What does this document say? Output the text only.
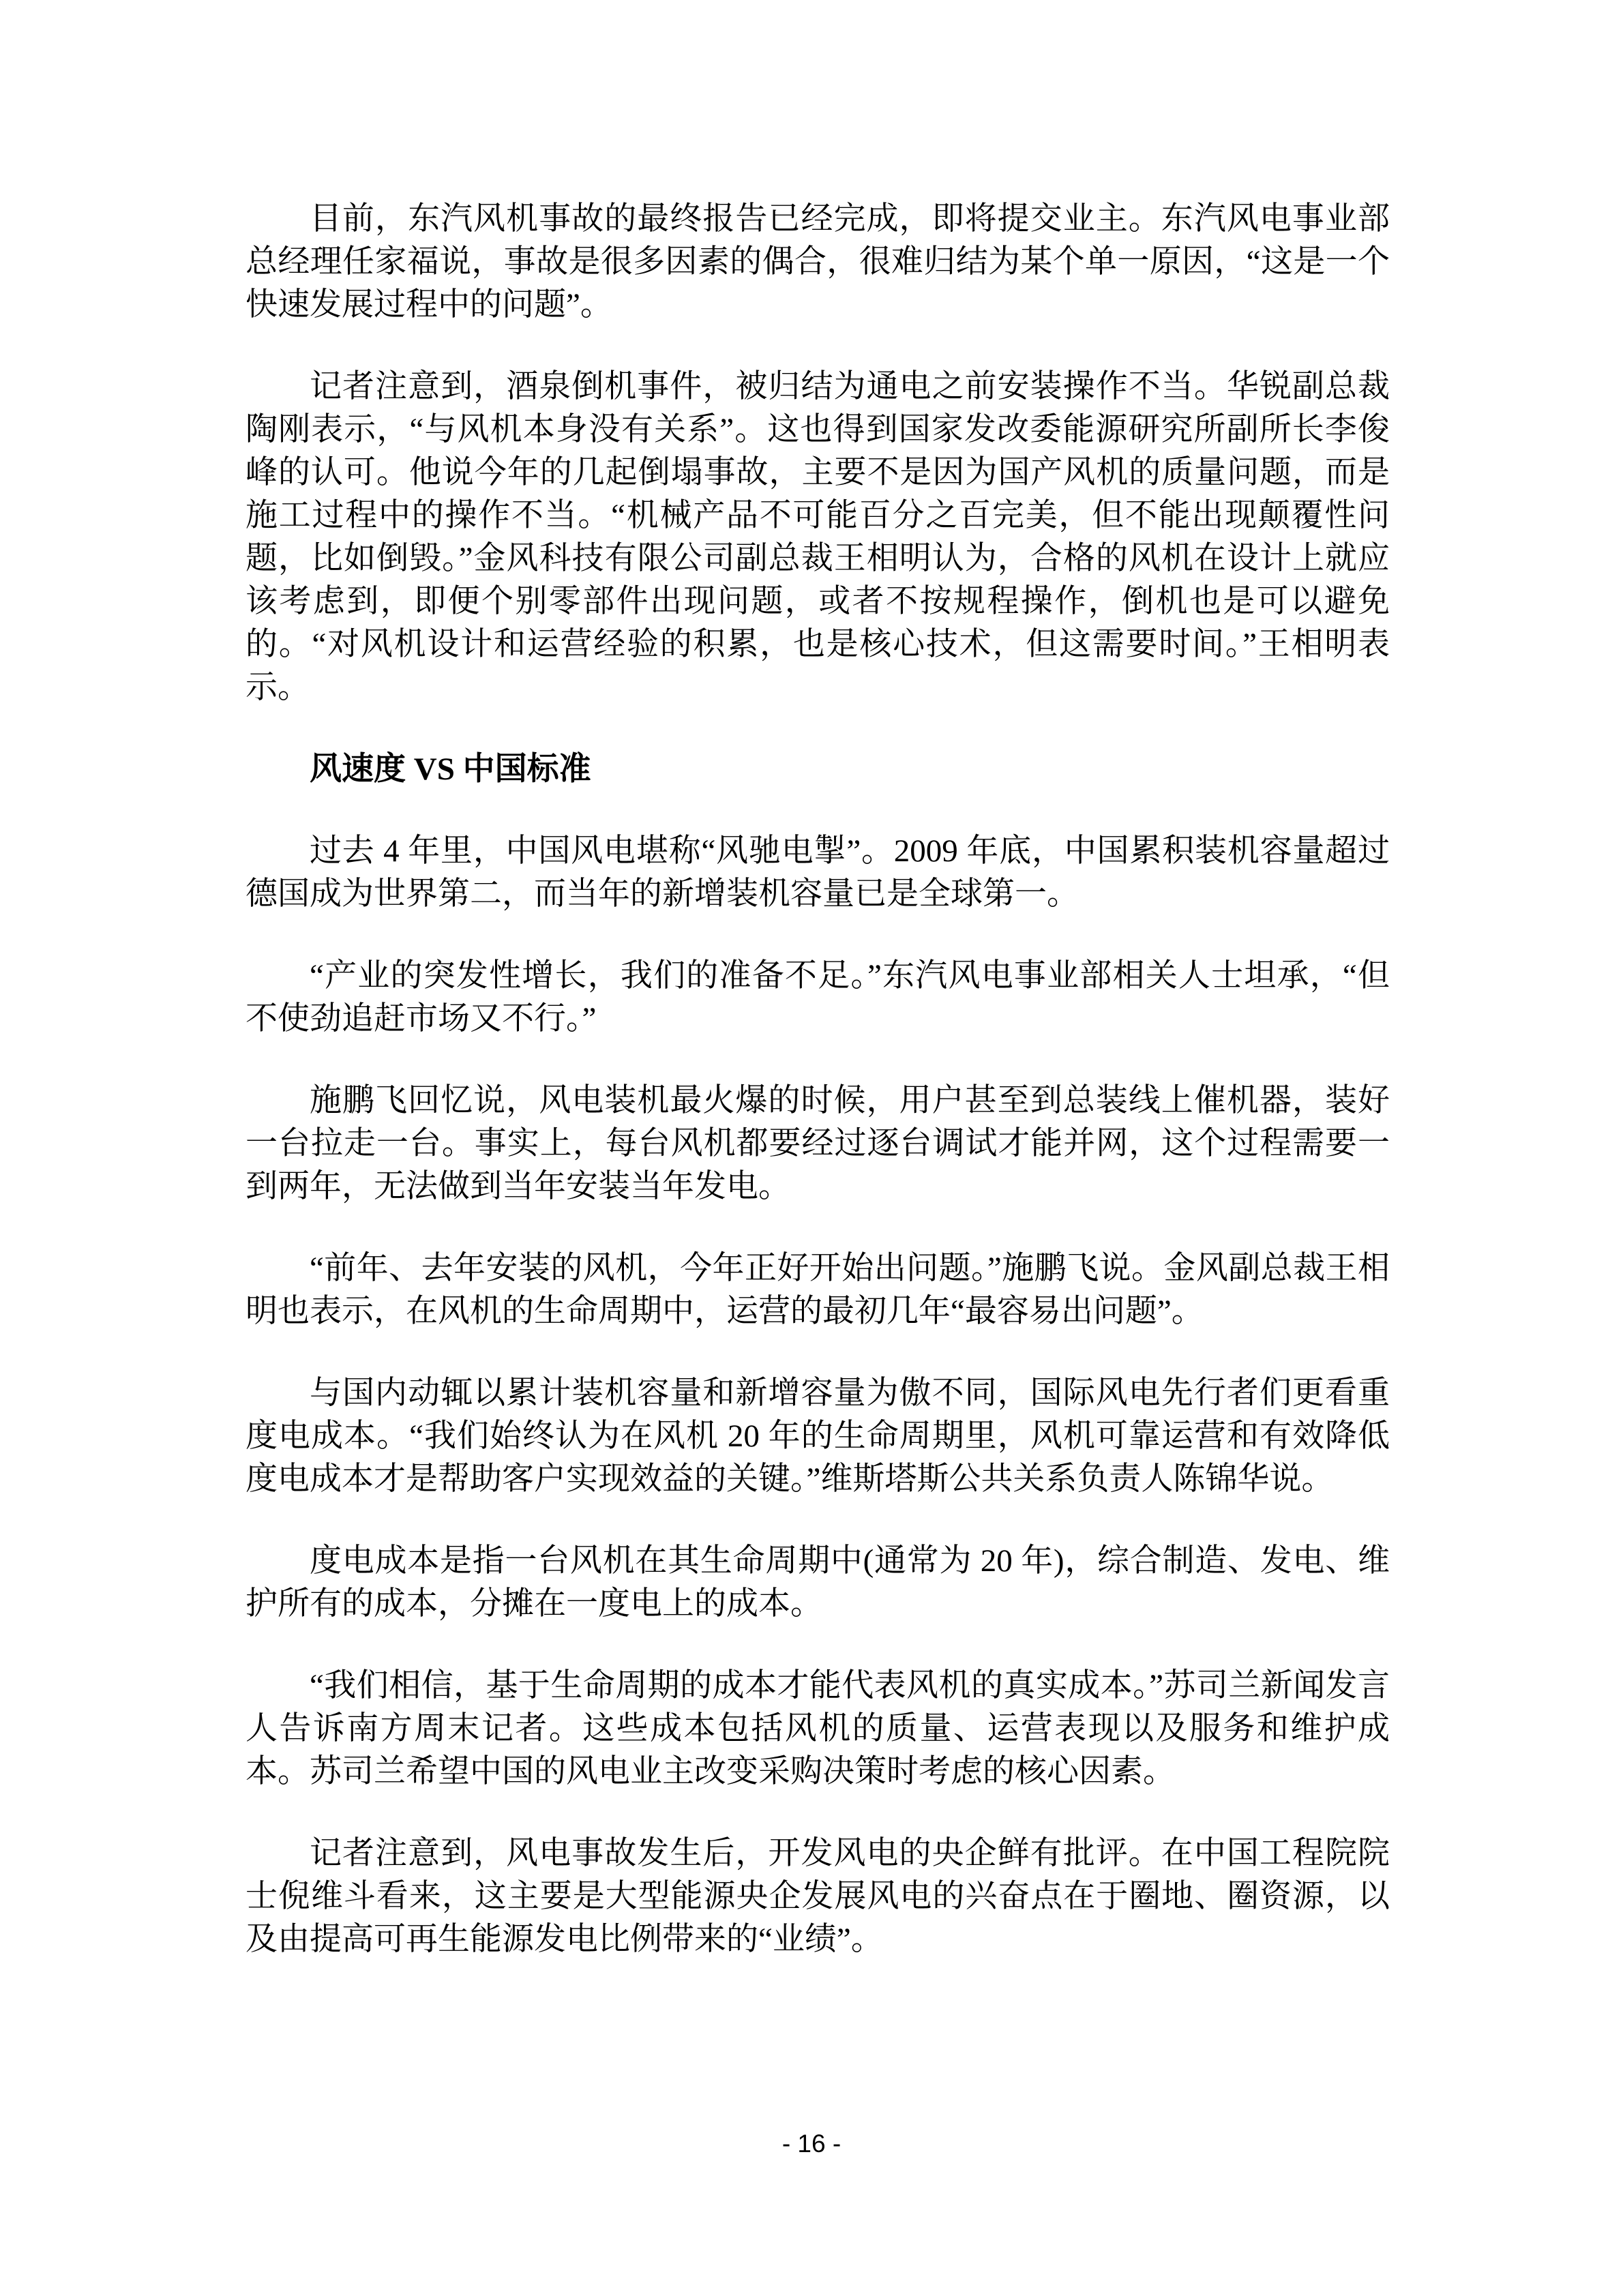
目前，东汽风机事故的最终报告已经完成，即将提交业主。东汽风电事业部总经理任家福说，事故是很多因素的偶合，很难归结为某个单一原因，“这是一个快速发展过程中的问题”。

记者注意到，酒泉倒机事件，被归结为通电之前安装操作不当。华锐副总裁陶刚表示，“与风机本身没有关系”。这也得到国家发改委能源研究所副所长李俊峰的认可。他说今年的几起倒塌事故，主要不是因为国产风机的质量问题，而是施工过程中的操作不当。“机械产品不可能百分之百完美，但不能出现颠覆性问题，比如倒毁。”金风科技有限公司副总裁王相明认为，合格的风机在设计上就应该考虑到，即便个别零部件出现问题，或者不按规程操作，倒机也是可以避免的。“对风机设计和运营经验的积累，也是核心技术，但这需要时间。”王相明表示。

风速度 VS 中国标准

过去 4 年里，中国风电堪称“风驰电掣”。2009 年底，中国累积装机容量超过德国成为世界第二，而当年的新增装机容量已是全球第一。

“产业的突发性增长，我们的准备不足。”东汽风电事业部相关人士坦承，“但不使劲追赶市场又不行。”

施鹏飞回忆说，风电装机最火爆的时候，用户甚至到总装线上催机器，装好一台拉走一台。事实上，每台风机都要经过逐台调试才能并网，这个过程需要一到两年，无法做到当年安装当年发电。

“前年、去年安装的风机，今年正好开始出问题。”施鹏飞说。金风副总裁王相明也表示，在风机的生命周期中，运营的最初几年“最容易出问题”。

与国内动辄以累计装机容量和新增容量为傲不同，国际风电先行者们更看重度电成本。“我们始终认为在风机 20 年的生命周期里，风机可靠运营和有效降低度电成本才是帮助客户实现效益的关键。”维斯塔斯公共关系负责人陈锦华说。

度电成本是指一台风机在其生命周期中(通常为 20 年)，综合制造、发电、维护所有的成本，分摊在一度电上的成本。

“我们相信，基于生命周期的成本才能代表风机的真实成本。”苏司兰新闻发言人告诉南方周末记者。这些成本包括风机的质量、运营表现以及服务和维护成本。苏司兰希望中国的风电业主改变采购决策时考虑的核心因素。

记者注意到，风电事故发生后，开发风电的央企鲜有批评。在中国工程院院士倪维斗看来，这主要是大型能源央企发展风电的兴奋点在于圈地、圈资源，以及由提高可再生能源发电比例带来的“业绩”。

- 16 -
